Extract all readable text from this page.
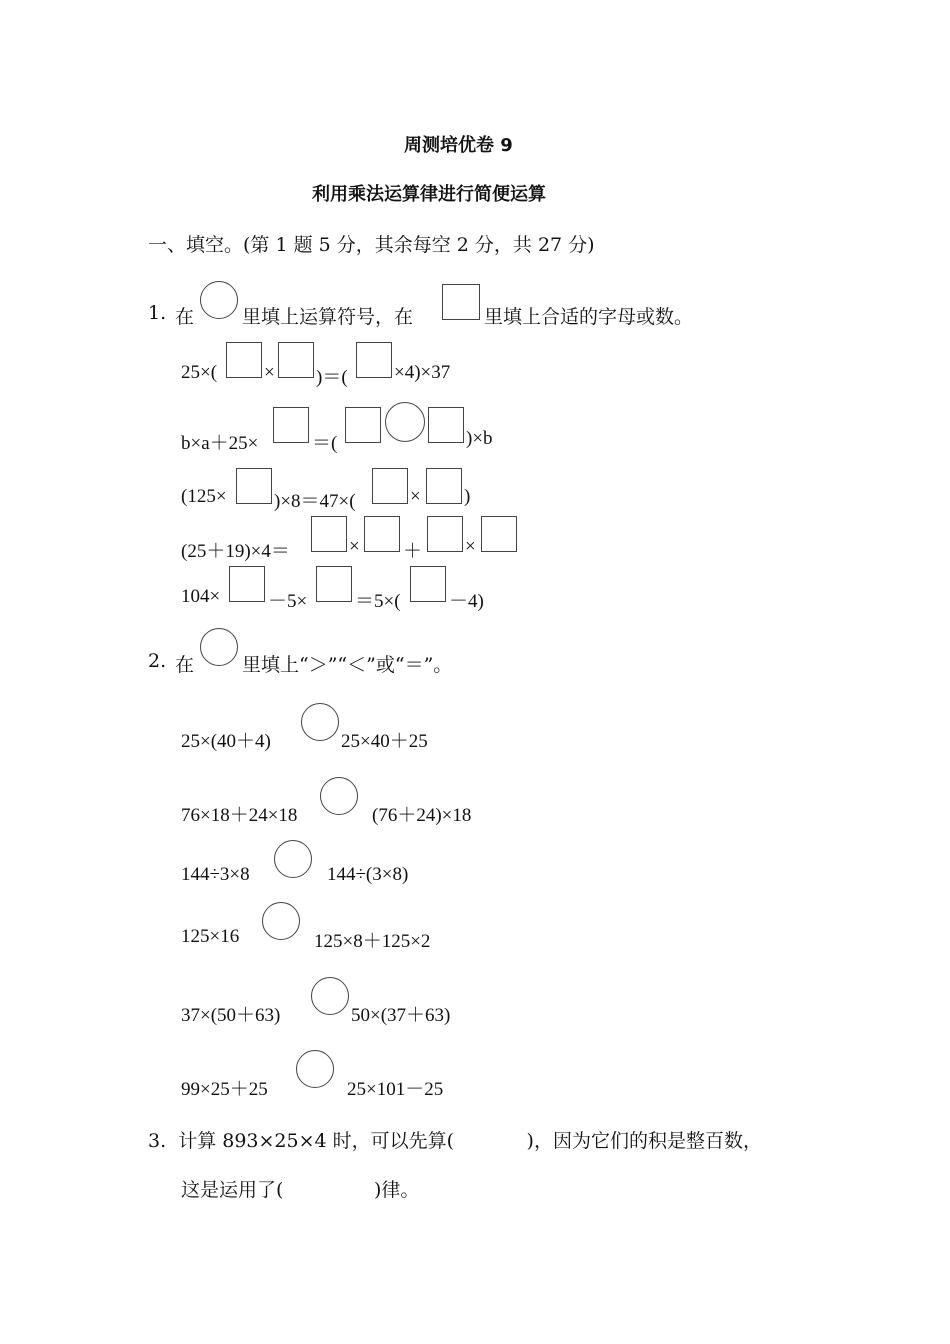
周测培优卷 9
利用乘法运算律进行简便运算
一、填空。(第 1 题 5 分，其余每空 2 分，共 27 分)
1. 在	里填上运算符号，在	里填上合适的字母或数。
25×( × )＝( ×4)×37
b×a＋25×	＝(	)×b
(125× )×8＝47×(	× )
(25＋19)×4＝	× ＋ ×
104×	－5×	＝5×(	－4)
2. 在	里填上“＞”“＜”或“＝”。
25×(40＋4)	25×40＋25
76×18＋24×18	(76＋24)×18
144÷3×8	144÷(3×8)
125×16	125×8＋125×2
37×(50＋63)	50×(37＋63)
99×25＋25	25×101－25
3.  计算 893×25×4 时，可以先算(            )，因为它们的积是整百数，
这是运用了(               )律。
